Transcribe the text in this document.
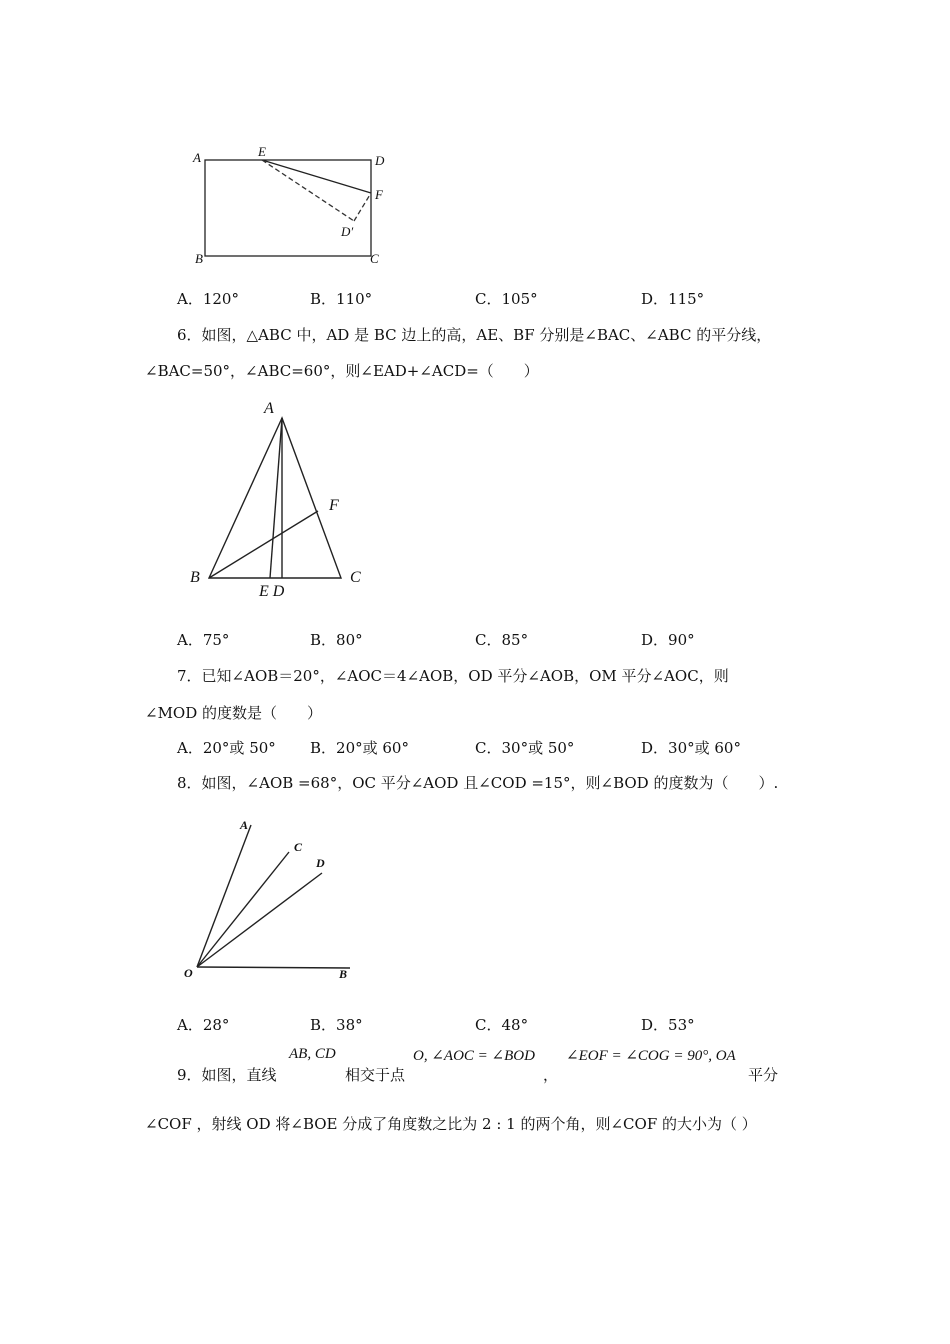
A	E
D
F
D′
B	C
A．120°	B．110°	C．105°	D．115°
6．如图，△ABC 中，AD 是 BC 边上的高，AE、BF 分别是∠BAC、∠ABC 的平分线，
∠BAC=50°，∠ABC=60°，则∠EAD+∠ACD=（　　）
A
F
B	C
E D
A．75°	B．80°	C．85°	D．90°
7．已知∠AOB＝20°，∠AOC＝4∠AOB，OD 平分∠AOB，OM 平分∠AOC，则
∠MOD 的度数是（　　）
A．20°或 50° B．20°或 60°	C．30°或 50°	D．30°或 60°
8．如图，∠AOB =68°，OC 平分∠AOD 且∠COD =15°，则∠BOD 的度数为（　　）.
A
C
D
O	B
A．28°	B．38°	C．48°	D．53°
9．如图，直线
AB, CD
相交于点
O, ∠AOC = ∠BOD
，
∠EOF = ∠COG = 90°, OA
平分
∠COF ，射线 OD 将∠BOE 分成了角度数之比为 2 : 1 的两个角，则∠COF 的大小为（ ）
